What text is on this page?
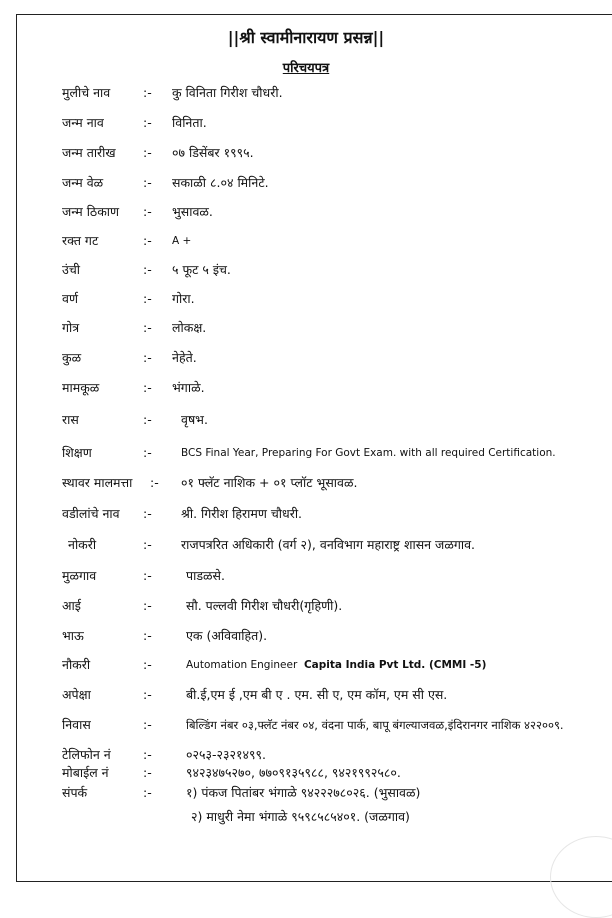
||श्री स्वामीनारायण प्रसन्न||
परिचयपत्र
मुलीचे नाव	:- कु विनिता गिरीश चौधरी.
जन्म नाव	:- विनिता.
जन्म तारीख :- ०७ डिसेंबर १९९५.
जन्म वेळ	:- सकाळी ८.०४ मिनिटे.
जन्म ठिकाण :- भुसावळ.
रक्त गट	:- A +
उंची	:- ५ फूट ५ इंच.
वर्ण	:- गोरा.
गोत्र	:- लोकक्ष.
कुळ	:- नेहेते.
मामकूळ	:- भंगाळे.
रास	:- वृषभ.
शिक्षण	:-	BCS Final Year, Preparing For Govt Exam. with all required Certification.
स्थावर मालमत्ता :- ०१ फ्लॅट नाशिक + ०१ प्लॉट भूसावळ.
वडीलांचे नाव :- श्री. गिरीश हिरामण चौधरी.
नोकरी	:- राजपत्ररित अधिकारी (वर्ग २), वनविभाग महाराष्ट्र शासन जळगाव.
मुळगाव	:-	पाडळसे.
आई	:-	सौ. पल्लवी गिरीश चौधरी(गृहिणी).
भाऊ	:-	एक (अविवाहित).
नौकरी	:-	Automation Engineer Capita India Pvt Ltd. (CMMI -5)
अपेक्षा	:-	बी.ई,एम ई ,एम बी ए . एम. सी ए, एम कॉम, एम सी एस.
निवास	:-	बिल्डिंग नंबर ०३,फ्लॅट नंबर ०४, वंदना पार्क, बापू बंगल्याजवळ,इंदिरानगर नाशिक ४२२००९.
टेलिफोन नं	:-	०२५३-२३२१४९९.
मोबाईल नं	:-	९४२३४७५२७०, ७७०९१३५९८८, ९४२१९९२५८०.
संपर्क	:-	१) पंकज पितांबर भंगाळे ९४२२२७८०२६. (भुसावळ)
२) माधुरी नेमा भंगाळे ९५९८५८५४०१. (जळगाव)
